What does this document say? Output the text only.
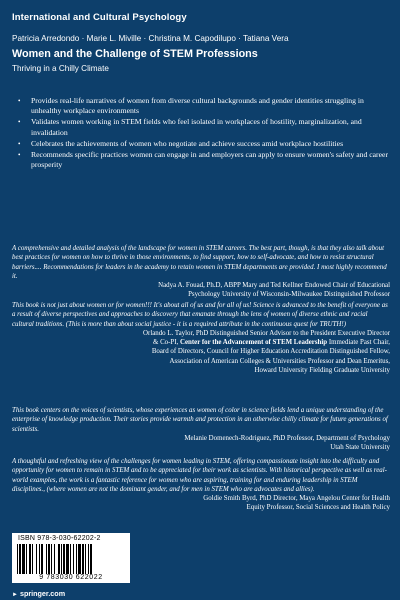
International and Cultural Psychology
Patricia Arredondo · Marie L. Miville · Christina M. Capodilupo · Tatiana Vera
Women and the Challenge of STEM Professions
Thriving in a Chilly Climate
• Provides real-life narratives of women from diverse cultural backgrounds and gender identities struggling in unhealthy workplace environments
• Validates women working in STEM fields who feel isolated in workplaces of hostility, marginalization, and invalidation
• Celebrates the achievements of women who negotiate and achieve success amid workplace hostilities
• Recommends specific practices women can engage in and employers can apply to ensure women's safety and career prosperity

A comprehensive and detailed analysis of the landscape for women in STEM careers. The best part, though, is that they also talk about best practices for women on how to thrive in those environments, to find support, how to self-advocate, and how to resist structural barriers.... Recommendations for leaders in the academy to retain women in STEM departments are provided. I most highly recommend it.

Nadya A. Fouad, Ph.D, ABPP Mary and Ted Kellner Endowed Chair of Educational

Psychology University of Wisconsin-Milwaukee Distinguished Professor

This book is not just about women or for women!!! It's about all of us and for all of us! Science is advanced to the benefit of everyone as a result of diverse perspectives and approaches to discovery that emanate through the lens of women of diverse ethnic and racial cultural traditions. (This is more than about social justice - it is a required attribute in the continuous quest for TRUTH!)

Orlando L. Taylor, PhD Distinguished Senior Advisor to the President Executive Director

& Co-PI, Center for the Advancement of STEM Leadership Immediate Past Chair,

Board of Directors, Council for Higher Education Accreditation Distinguished Fellow,

Association of American Colleges & Universities Professor and Dean Emeritus,

Howard University Fielding Graduate University

This book centers on the voices of scientists, whose experiences as women of color in science fields lend a unique understanding of the enterprise of knowledge production. Their stories provide warmth and protection in an otherwise chilly climate for future generations of scientists.

Melanie Domenech-Rodriguez, PhD Professor, Department of Psychology

Utah State University

A thoughtful and refreshing view of the challenges for women leading in STEM, offering compassionate insight into the difficulty and opportunity for women to remain in STEM and to be appreciated for their work as scientists. With historical perspective as well as real-world examples, the work is a fantastic reference for women who are aspiring, training for and enduring leadership in STEM disciplines., (where women are not the dominant gender, and for men in STEM who are advocates and allies).

Goldie Smith Byrd, PhD Director, Maya Angelou Center for Health

Equity Professor, Social Sciences and Health Policy

ISBN 978-3-030-62202-2
9 783030 622022
► springer.com
